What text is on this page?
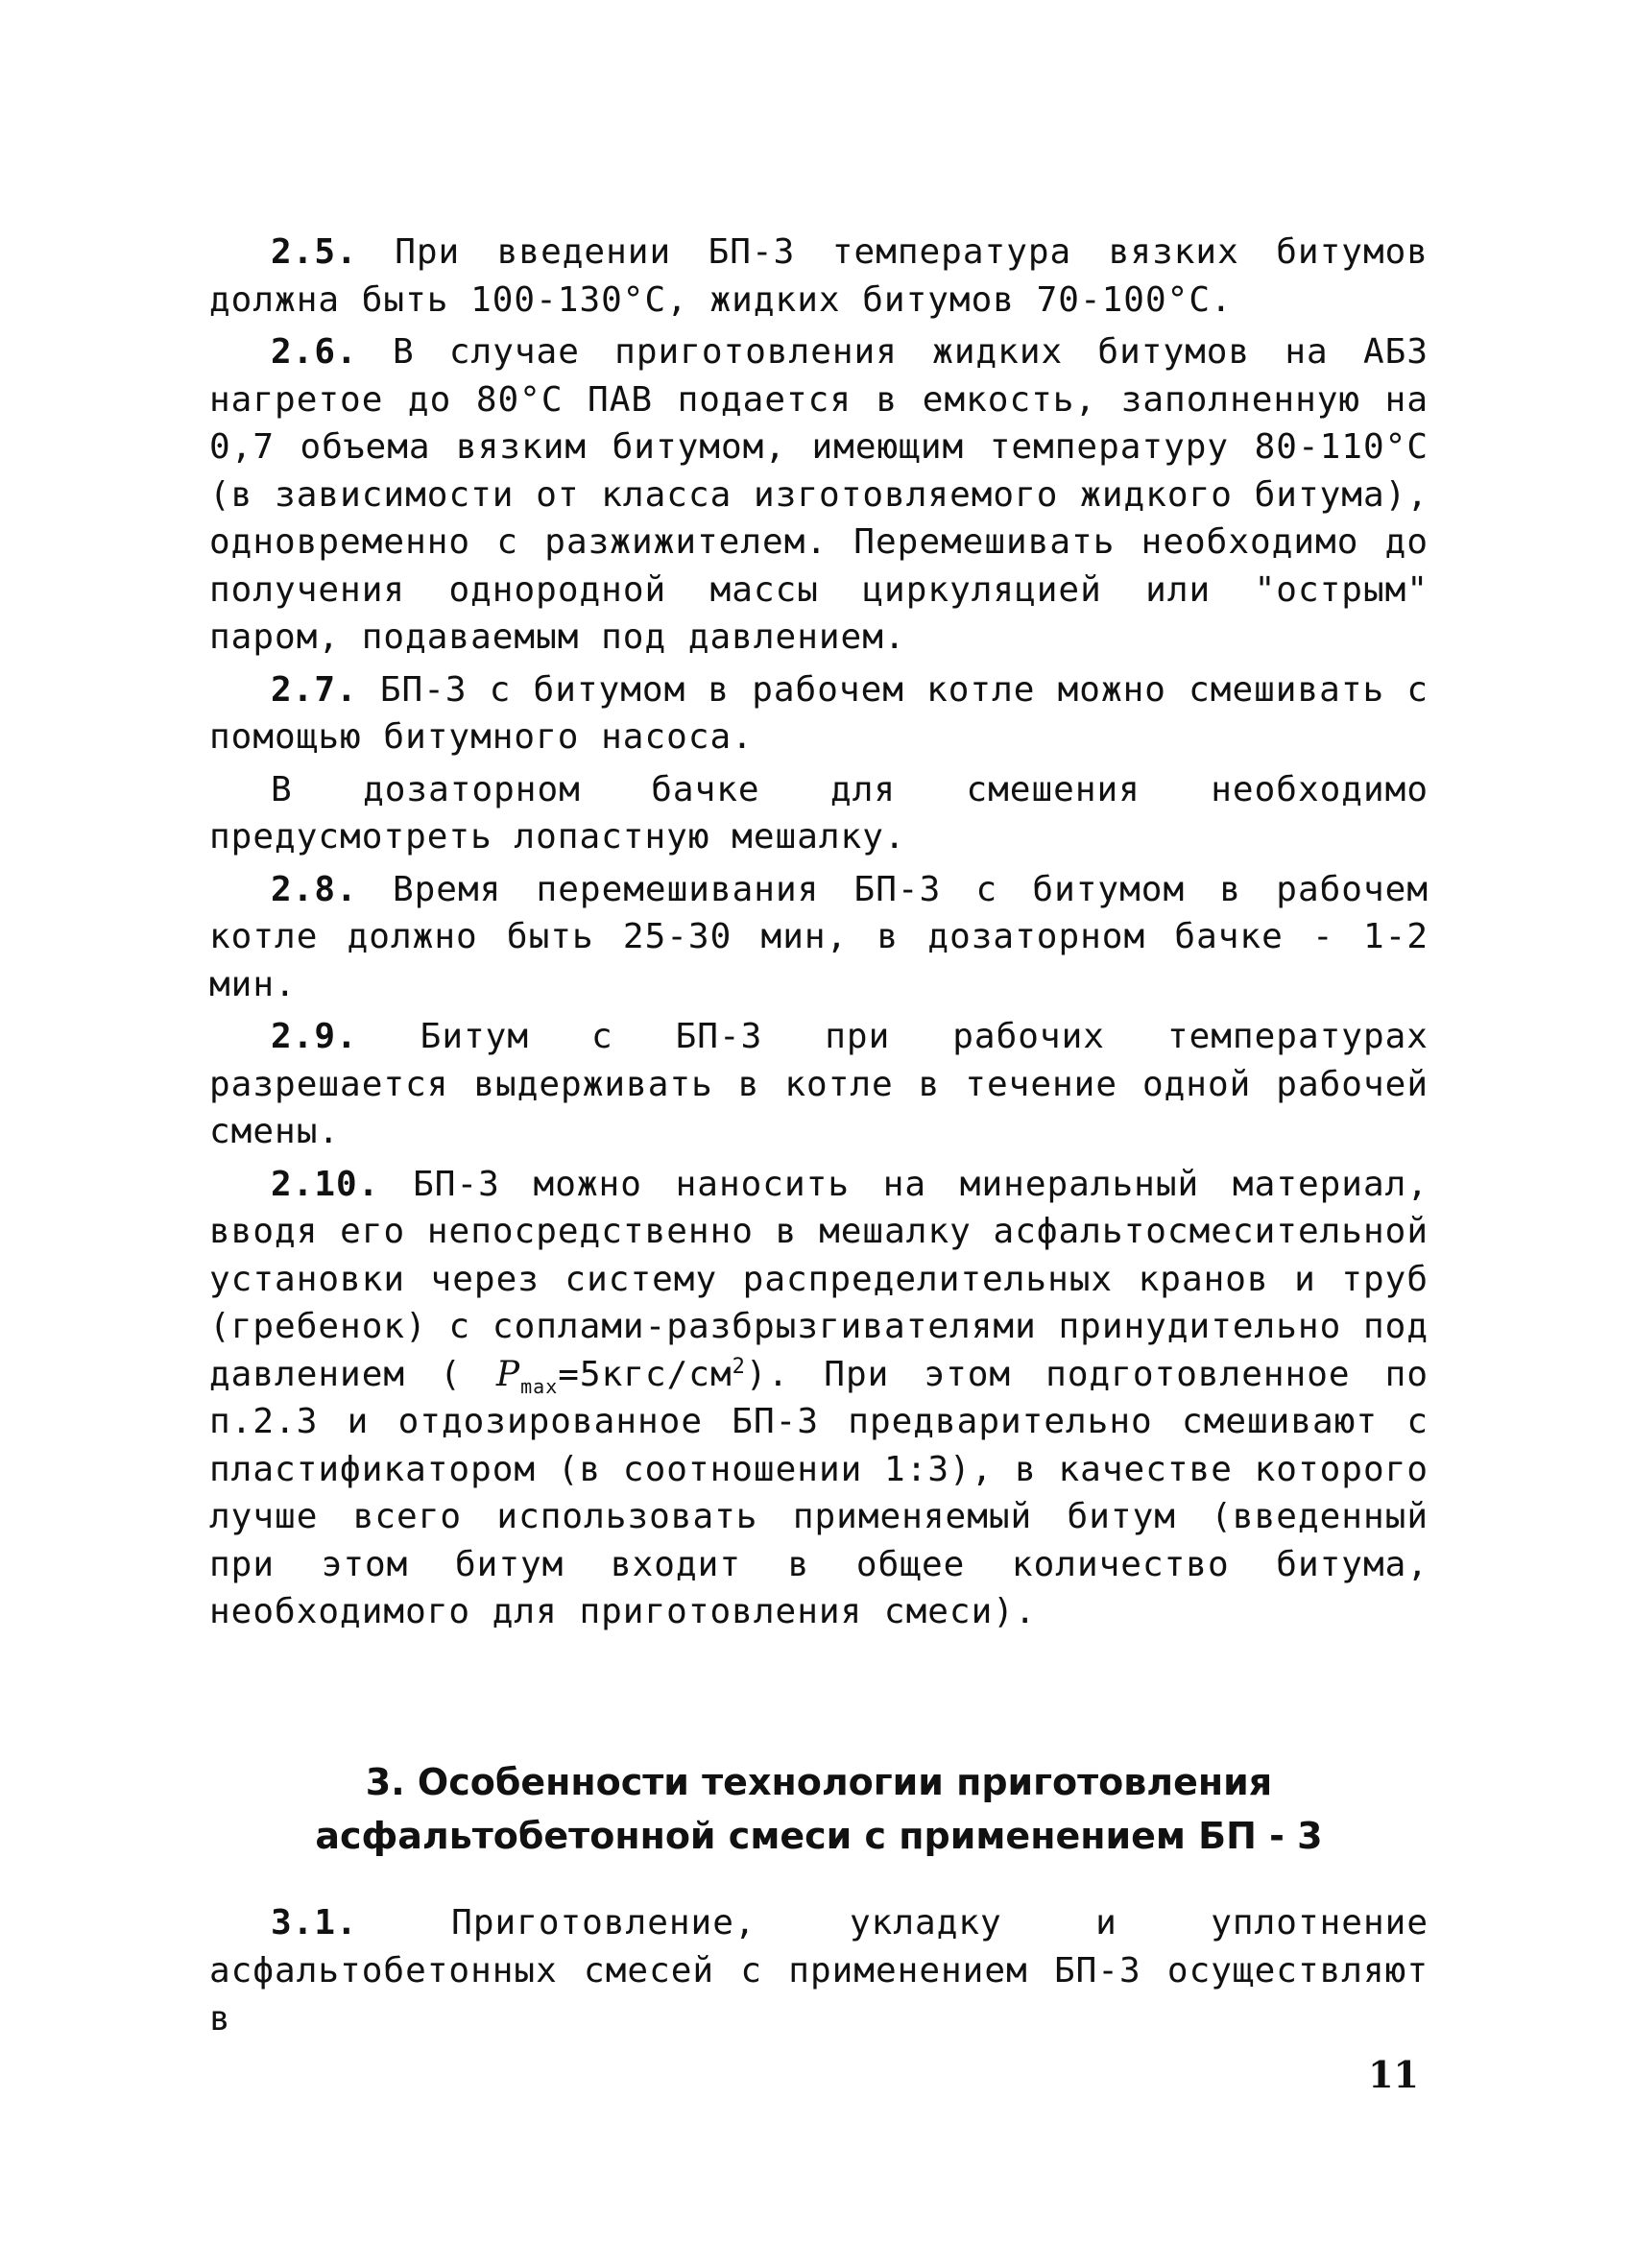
2.5. При введении БП-3 температура вязких битумов должна быть 100-130°С, жидких битумов 70-100°С.

2.6. В случае приготовления жидких битумов на АБЗ нагретое до 80°С ПАВ подается в емкость, заполненную на 0,7 объема вязким битумом, имеющим температуру 80-110°С (в зависимости от класса изготовляемого жидкого битума), одновременно с разжижителем. Перемешивать необходимо до получения однородной массы циркуляцией или "острым" паром, подаваемым под давлением.

2.7. БП-3 с битумом в рабочем котле можно смешивать с помощью битумного насоса.

В дозаторном бачке для смешения необходимо предусмотреть лопастную мешалку.

2.8. Время перемешивания БП-3 с битумом в рабочем котле должно быть 25-30 мин, в дозаторном бачке - 1-2 мин.

2.9. Битум с БП-3 при рабочих температурах разрешается выдерживать в котле в течение одной рабочей смены.

2.10. БП-3 можно наносить на минеральный материал, вводя его непосредственно в мешалку асфальтосмесительной установки через систему распределительных кранов и труб (гребенок) с соплами-разбрызгивателями принудительно под давлением ( $P_{max}=5кгс/см^2$). При этом подготовленное по п.2.3 и отдозированное БП-3 предварительно смешивают с пластификатором (в соотношении 1:3), в качестве которого лучше всего использовать применяемый битум (введенный при этом битум входит в общее количество битума, необходимого для приготовления смеси).

3. Особенности технологии приготовления
асфальтобетонной смеси с применением БП - 3

3.1.	Приготовление, укладку и уплотнение асфальтобетонных смесей с применением БП-3 осуществляют в

11
